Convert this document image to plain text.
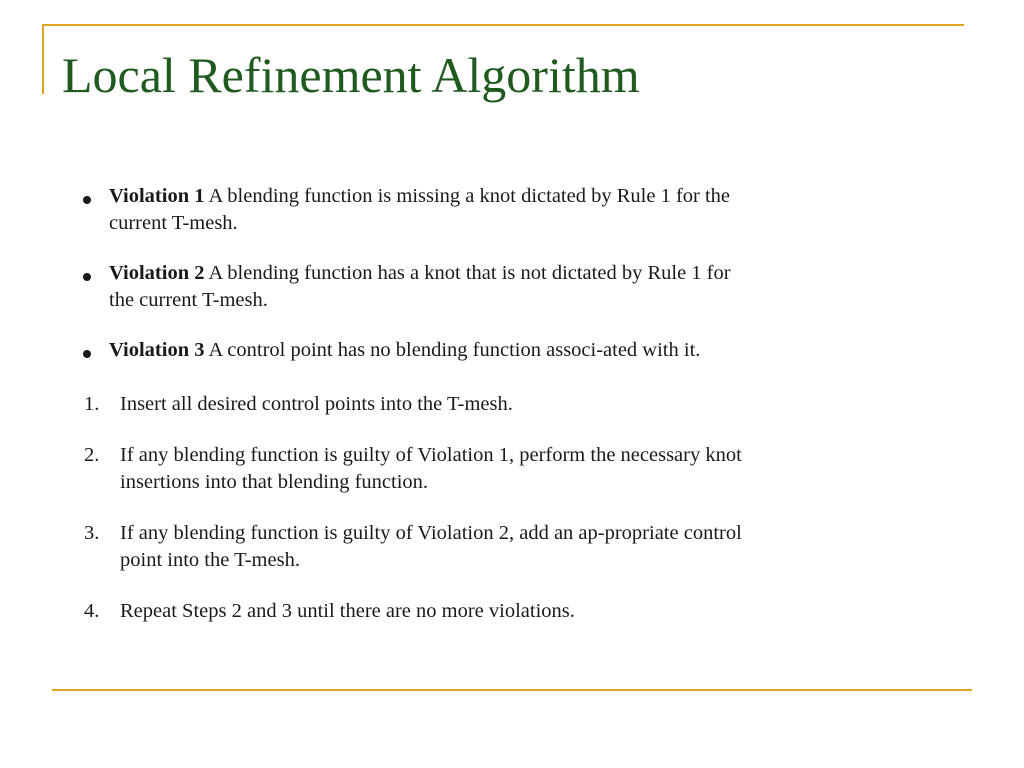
Local Refinement Algorithm
Violation 1 A blending function is missing a knot dictated by Rule 1 for the current T-mesh.
Violation 2 A blending function has a knot that is not dictated by Rule 1 for the current T-mesh.
Violation 3 A control point has no blending function associ-ated with it.
1. Insert all desired control points into the T-mesh.
2. If any blending function is guilty of Violation 1, perform the necessary knot insertions into that blending function.
3. If any blending function is guilty of Violation 2, add an ap-propriate control point into the T-mesh.
4. Repeat Steps 2 and 3 until there are no more violations.
